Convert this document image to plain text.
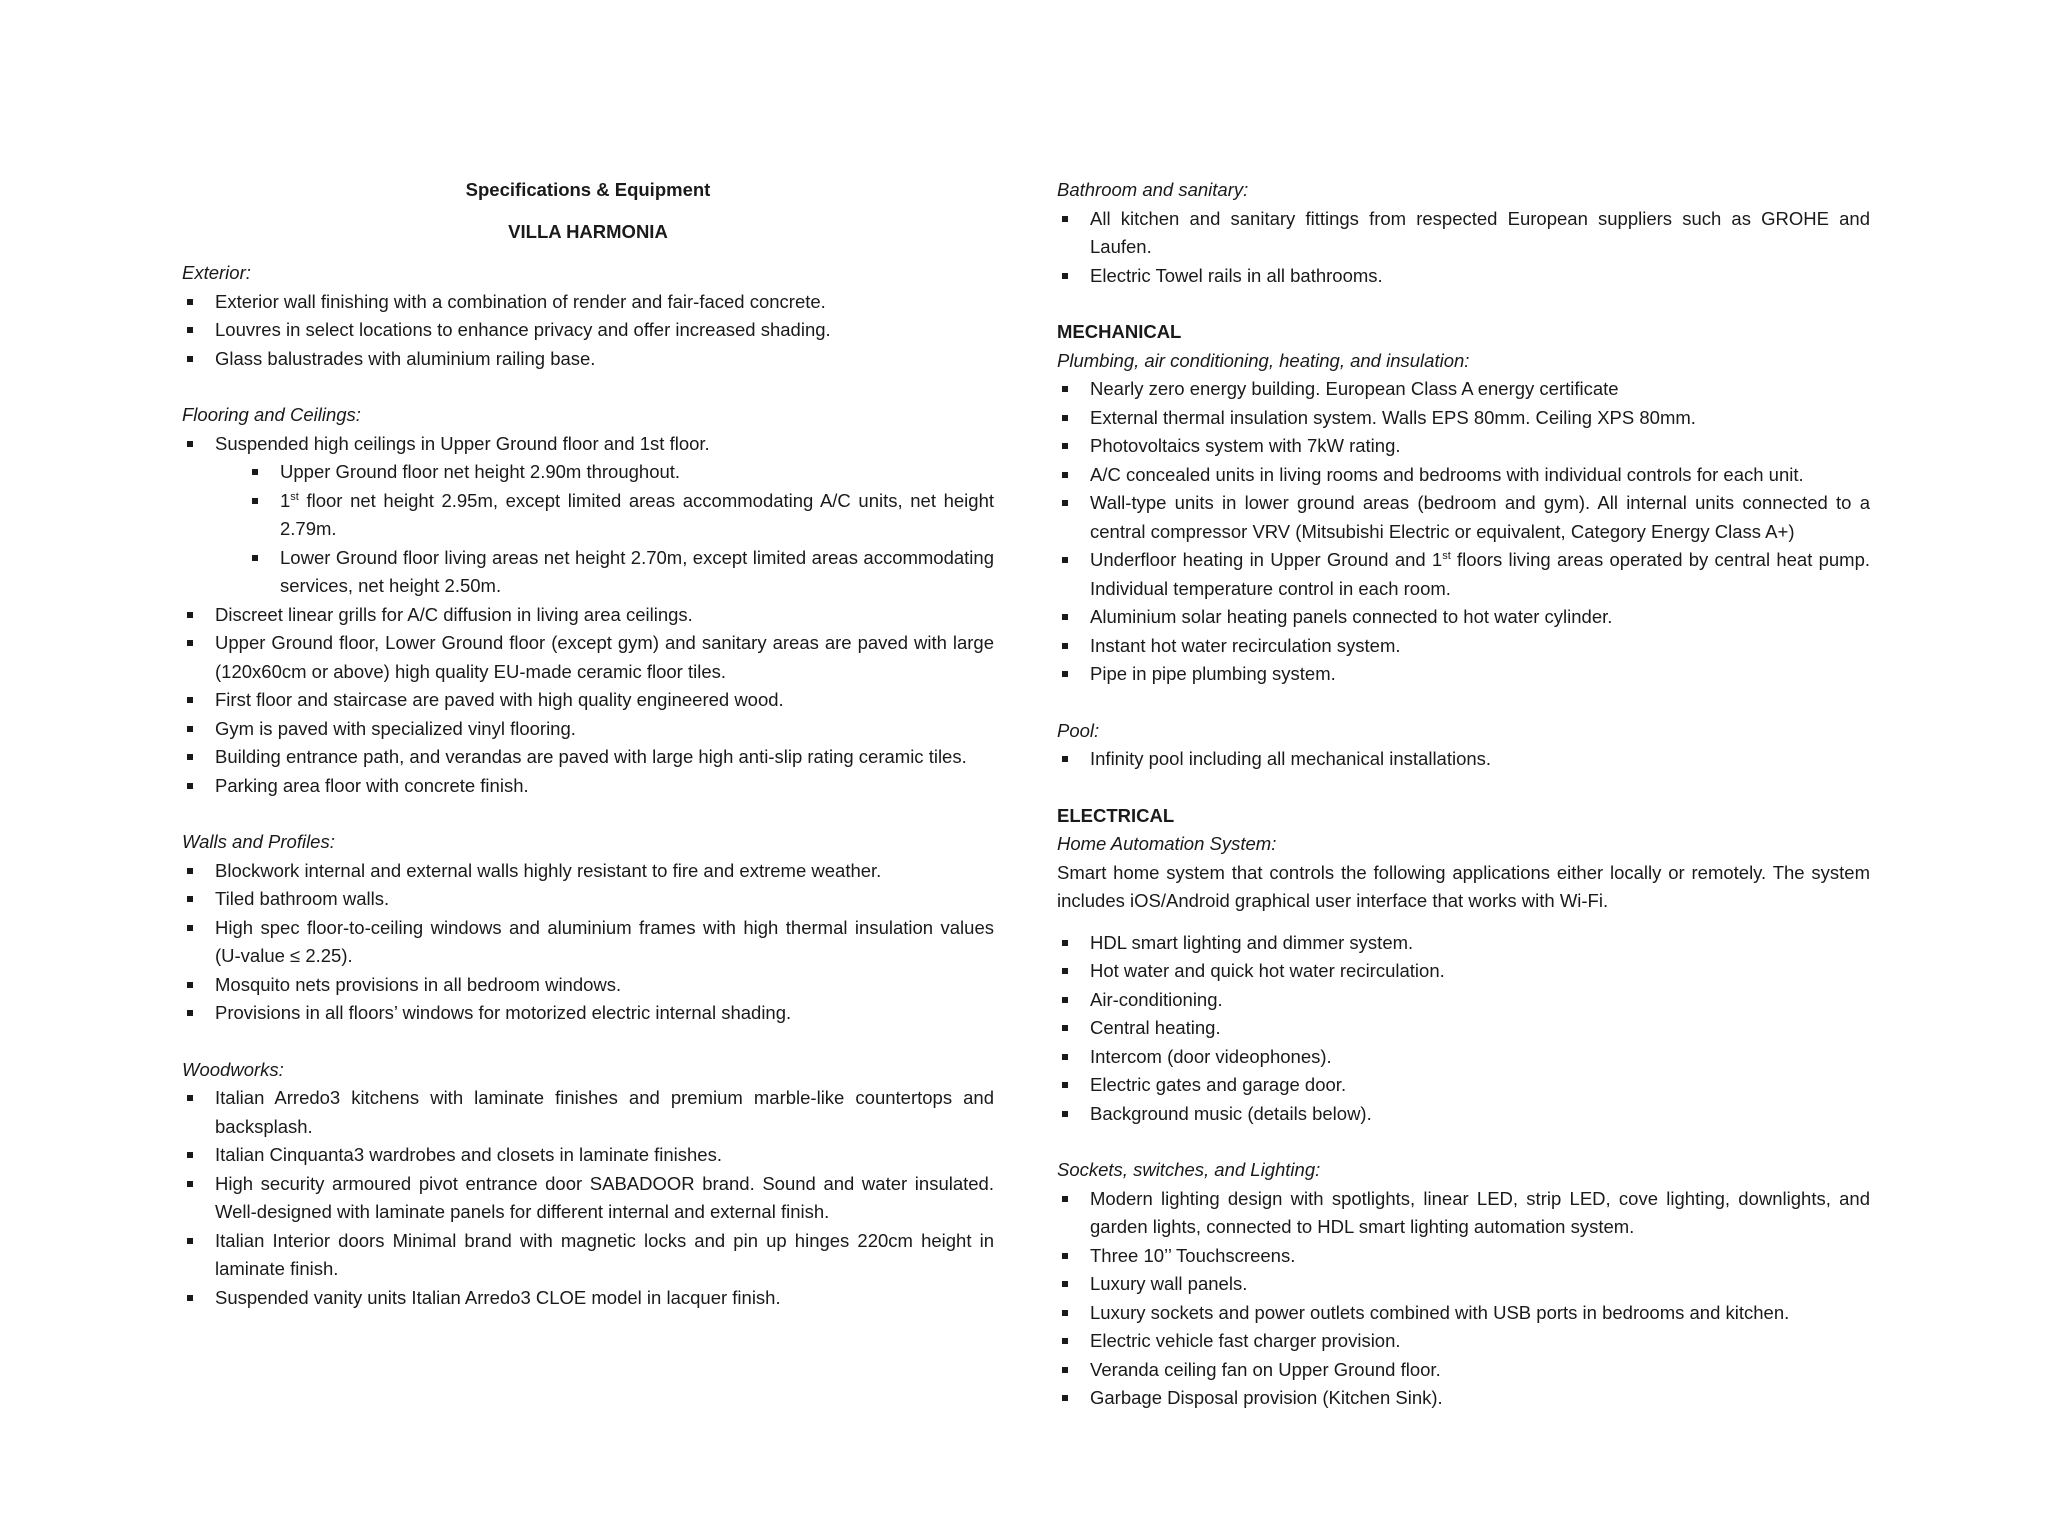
Specifications & Equipment

VILLA HARMONIA

Exterior:

Exterior wall finishing with a combination of render and fair-faced concrete.
Louvres in select locations to enhance privacy and offer increased shading.
Glass balustrades with aluminium railing base.

Flooring and Ceilings:

Suspended high ceilings in Upper Ground floor and 1st floor.
Upper Ground floor net height 2.90m throughout.
1st floor net height 2.95m, except limited areas accommodating A/C units, net height 2.79m.
Lower Ground floor living areas net height 2.70m, except limited areas accommodating services, net height 2.50m.
Discreet linear grills for A/C diffusion in living area ceilings.
Upper Ground floor, Lower Ground floor (except gym) and sanitary areas are paved with large (120x60cm or above) high quality EU-made ceramic floor tiles.
First floor and staircase are paved with high quality engineered wood.
Gym is paved with specialized vinyl flooring.
Building entrance path, and verandas are paved with large high anti-slip rating ceramic tiles.
Parking area floor with concrete finish.

Walls and Profiles:

Blockwork internal and external walls highly resistant to fire and extreme weather.
Tiled bathroom walls.
High spec floor-to-ceiling windows and aluminium frames with high thermal insulation values (U-value ≤ 2.25).
Mosquito nets provisions in all bedroom windows.
Provisions in all floors’ windows for motorized electric internal shading.

Woodworks:

Italian Arredo3 kitchens with laminate finishes and premium marble-like countertops and backsplash.
Italian Cinquanta3 wardrobes and closets in laminate finishes.
High security armoured pivot entrance door SABADOOR brand. Sound and water insulated. Well-designed with laminate panels for different internal and external finish.
Italian Interior doors Minimal brand with magnetic locks and pin up hinges 220cm height in laminate finish.
Suspended vanity units Italian Arredo3 CLOE model in lacquer finish.

Bathroom and sanitary:

All kitchen and sanitary fittings from respected European suppliers such as GROHE and Laufen.
Electric Towel rails in all bathrooms.

MECHANICAL

Plumbing, air conditioning, heating, and insulation:

Nearly zero energy building. European Class A energy certificate
External thermal insulation system. Walls EPS 80mm. Ceiling XPS 80mm.
Photovoltaics system with 7kW rating.
A/C concealed units in living rooms and bedrooms with individual controls for each unit.
Wall-type units in lower ground areas (bedroom and gym). All internal units connected to a central compressor VRV (Mitsubishi Electric or equivalent, Category Energy Class A+)
Underfloor heating in Upper Ground and 1st floors living areas operated by central heat pump. Individual temperature control in each room.
Aluminium solar heating panels connected to hot water cylinder.
Instant hot water recirculation system.
Pipe in pipe plumbing system.

Pool:

Infinity pool including all mechanical installations.

ELECTRICAL

Home Automation System:

Smart home system that controls the following applications either locally or remotely. The system includes iOS/Android graphical user interface that works with Wi-Fi.

HDL smart lighting and dimmer system.
Hot water and quick hot water recirculation.
Air-conditioning.
Central heating.
Intercom (door videophones).
Electric gates and garage door.
Background music (details below).

Sockets, switches, and Lighting:

Modern lighting design with spotlights, linear LED, strip LED, cove lighting, downlights, and garden lights, connected to HDL smart lighting automation system.
Three 10’’ Touchscreens.
Luxury wall panels.
Luxury sockets and power outlets combined with USB ports in bedrooms and kitchen.
Electric vehicle fast charger provision.
Veranda ceiling fan on Upper Ground floor.
Garbage Disposal provision (Kitchen Sink).
